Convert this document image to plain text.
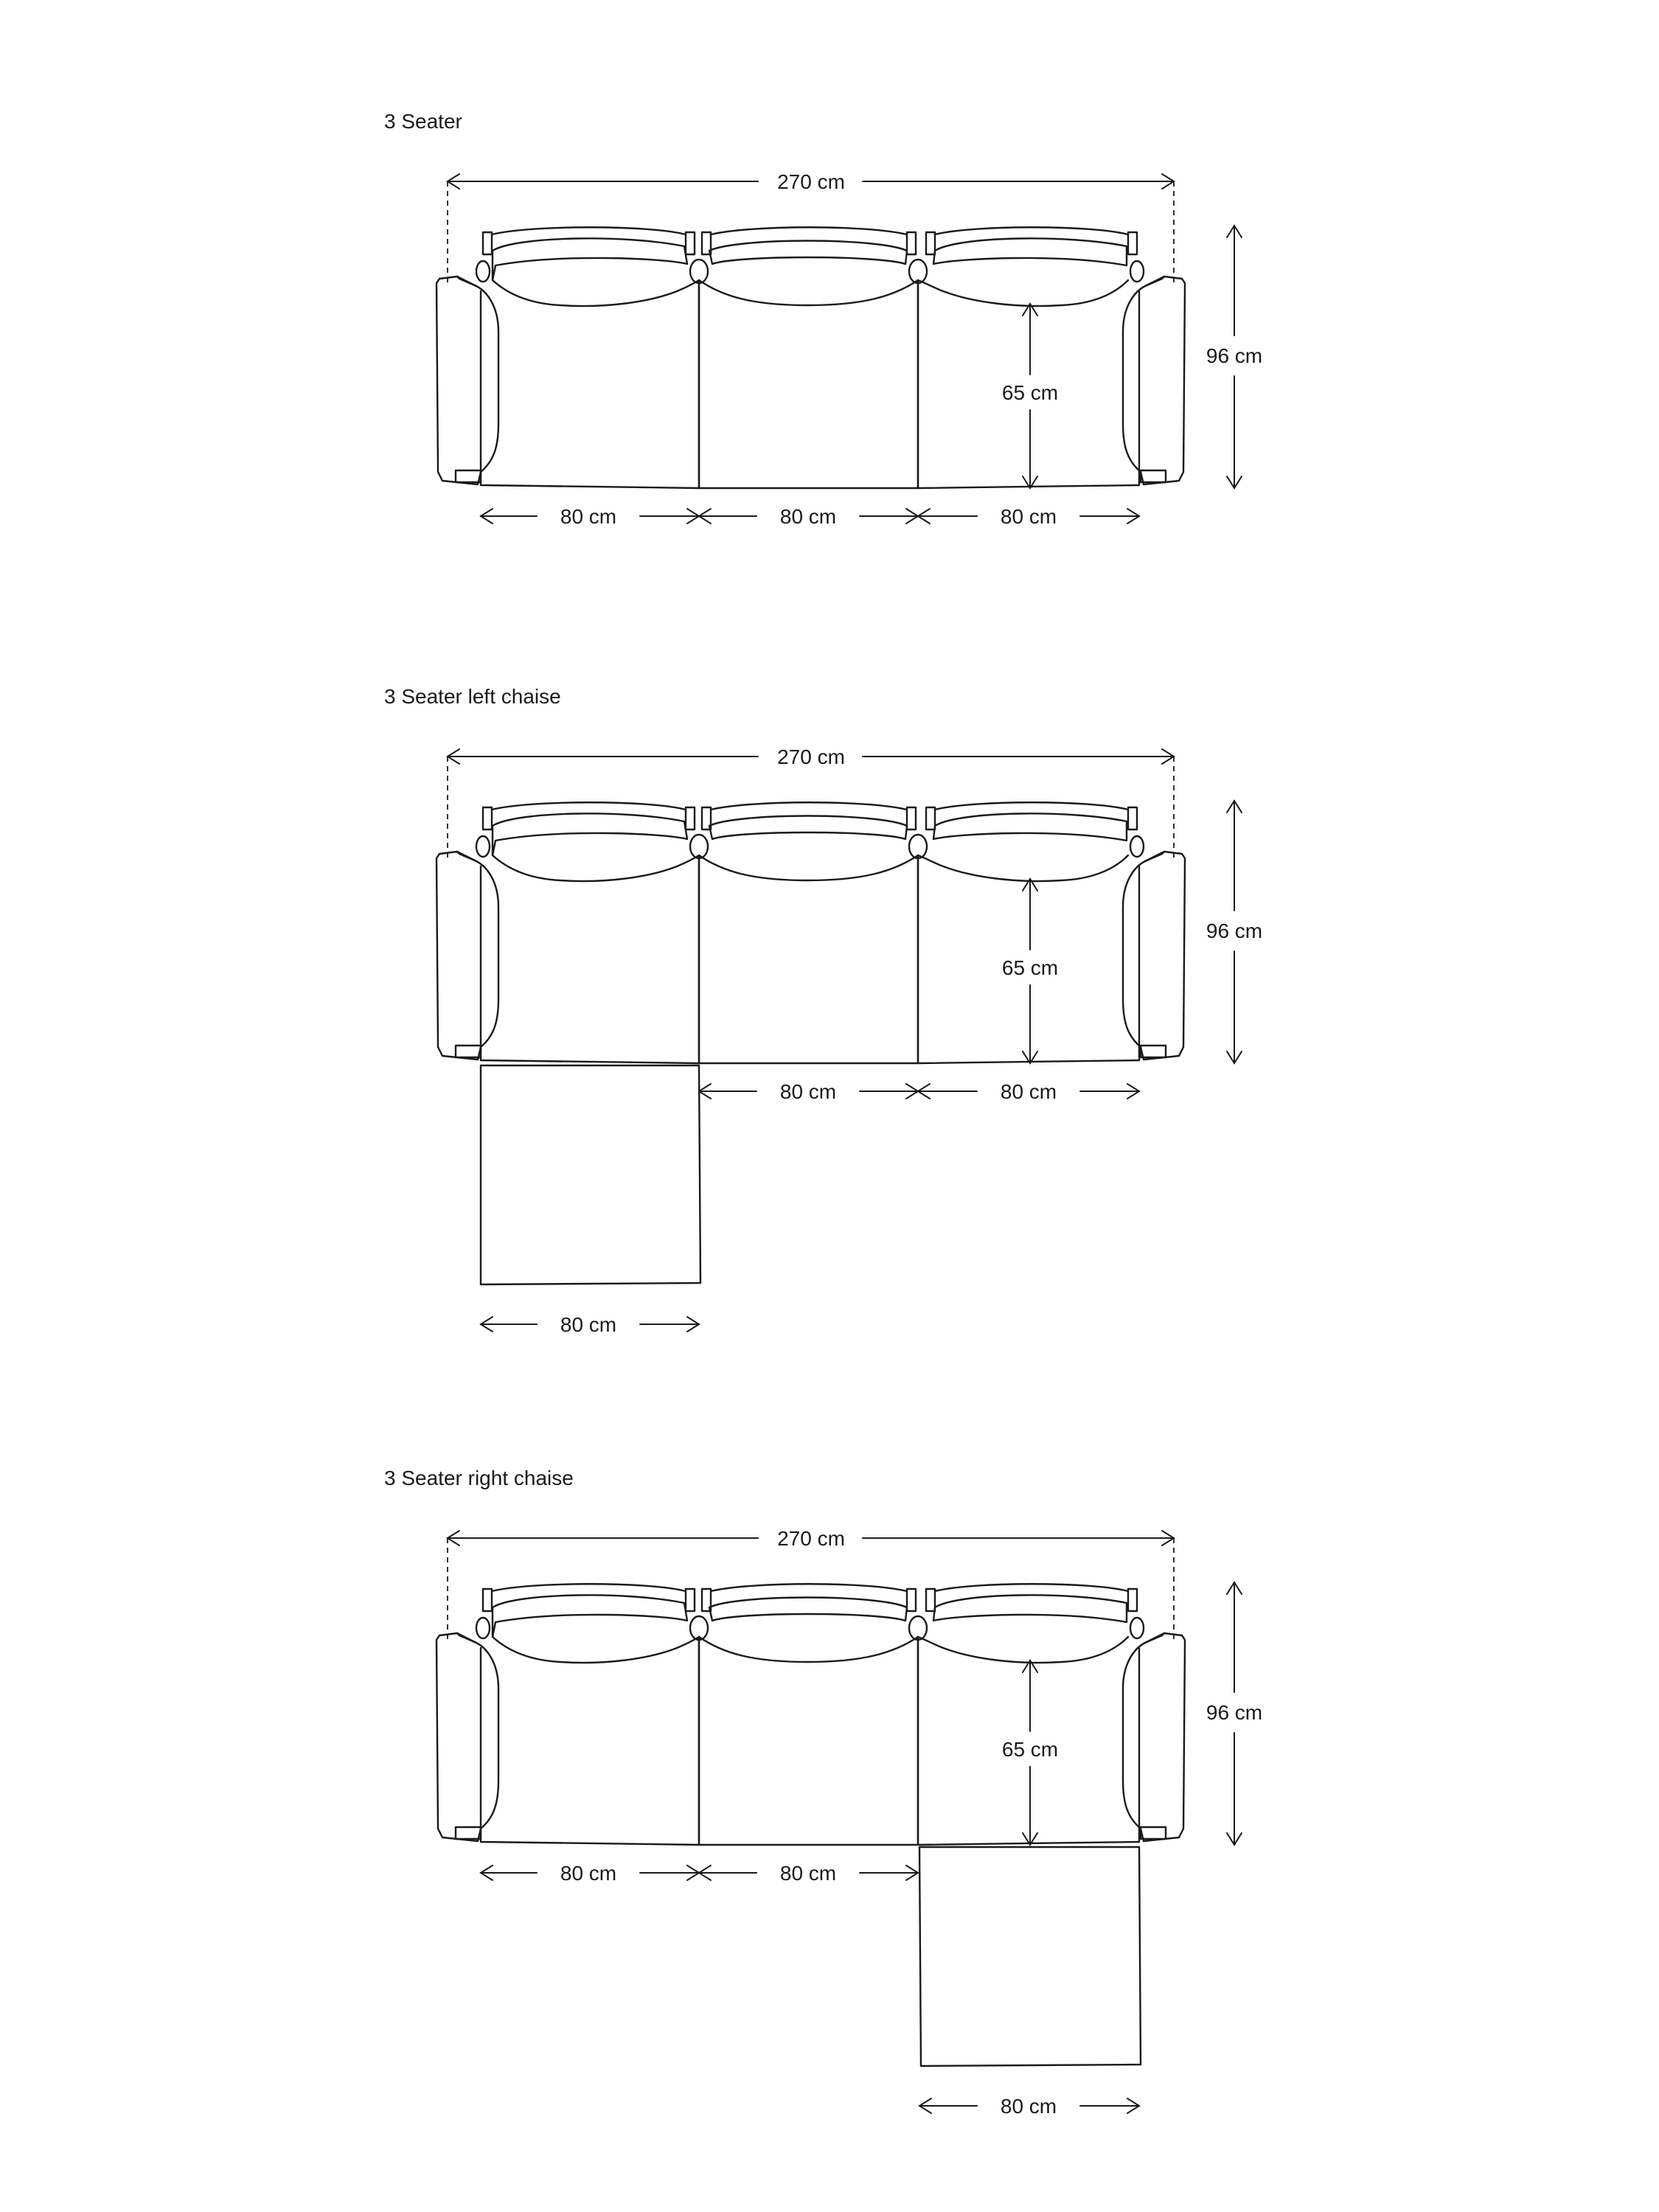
3 Seater
270 cm
65 cm
96 cm
80 cm	80 cm	80 cm
3 Seater left chaise
270 cm
65 cm
96 cm
80 cm	80 cm
80 cm
3 Seater right chaise
270 cm
65 cm
96 cm
80 cm	80 cm
80 cm
